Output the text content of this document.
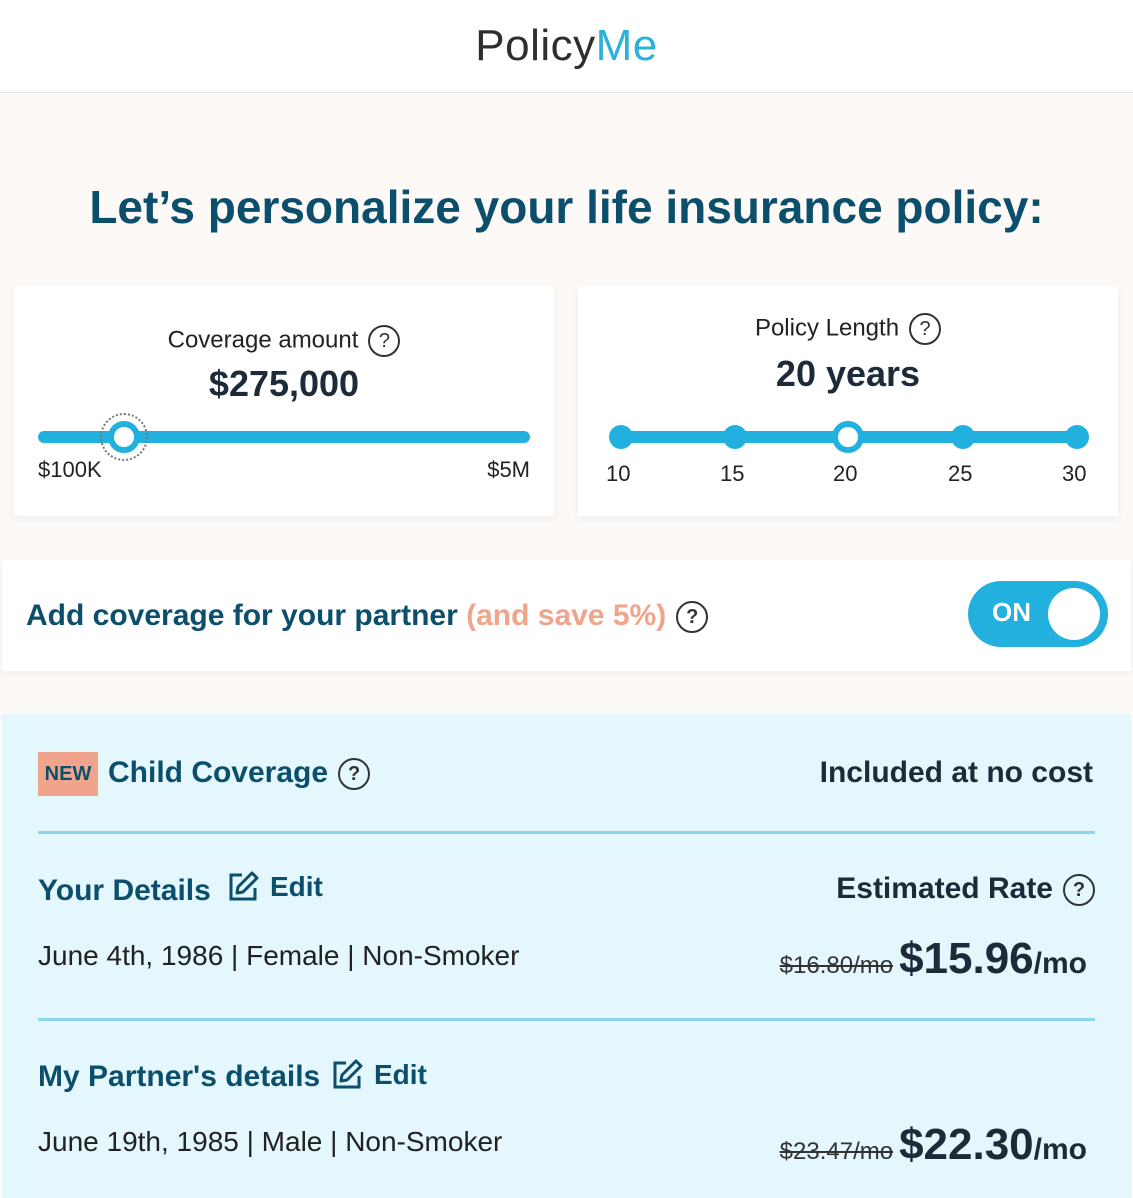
PolicyMe
Let’s personalize your life insurance policy:
Coverage amount ?
$275,000
$100K	$5M
Policy Length ?
20 years
10	15	20	25	30
Add coverage for your partner (and save 5%) ?	ON
NEW Child Coverage ?	Included at no cost
Your Details Edit	Estimated Rate ?
June 4th, 1986 | Female | Non-Smoker	$16.80/mo $15.96/mo
My Partner's details Edit
June 19th, 1985 | Male | Non-Smoker	$23.47/mo $22.30/mo
